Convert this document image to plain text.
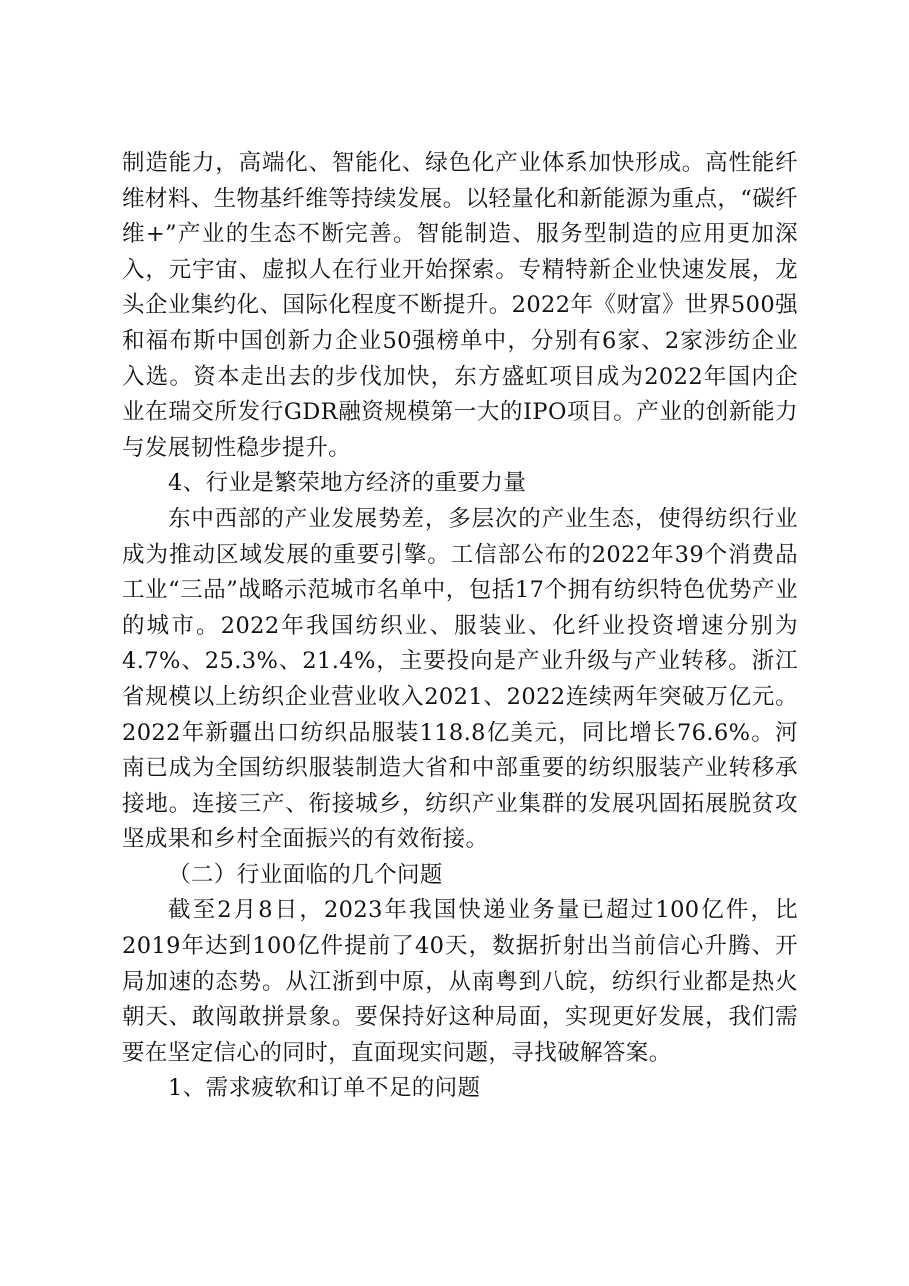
制造能力，高端化、智能化、绿色化产业体系加快形成。高性能纤维材料、生物基纤维等持续发展。以轻量化和新能源为重点，“碳纤维+”产业的生态不断完善。智能制造、服务型制造的应用更加深入，元宇宙、虚拟人在行业开始探索。专精特新企业快速发展，龙头企业集约化、国际化程度不断提升。2022年《财富》世界500强和福布斯中国创新力企业50强榜单中，分别有6家、2家涉纺企业入选。资本走出去的步伐加快，东方盛虹项目成为2022年国内企业在瑞交所发行GDR融资规模第一大的IPO项目。产业的创新能力与发展韧性稳步提升。

4、行业是繁荣地方经济的重要力量

东中西部的产业发展势差，多层次的产业生态，使得纺织行业成为推动区域发展的重要引擎。工信部公布的2022年39个消费品工业“三品”战略示范城市名单中，包括17个拥有纺织特色优势产业的城市。2022年我国纺织业、服装业、化纤业投资增速分别为4.7%、25.3%、21.4%，主要投向是产业升级与产业转移。浙江省规模以上纺织企业营业收入2021、2022连续两年突破万亿元。2022年新疆出口纺织品服装118.8亿美元，同比增长76.6%。河南已成为全国纺织服装制造大省和中部重要的纺织服装产业转移承接地。连接三产、衔接城乡，纺织产业集群的发展巩固拓展脱贫攻坚成果和乡村全面振兴的有效衔接。

（二）行业面临的几个问题

截至2月8日，2023年我国快递业务量已超过100亿件，比2019年达到100亿件提前了40天，数据折射出当前信心升腾、开局加速的态势。从江浙到中原，从南粤到八皖，纺织行业都是热火朝天、敢闯敢拼景象。要保持好这种局面，实现更好发展，我们需要在坚定信心的同时，直面现实问题，寻找破解答案。

1、需求疲软和订单不足的问题
